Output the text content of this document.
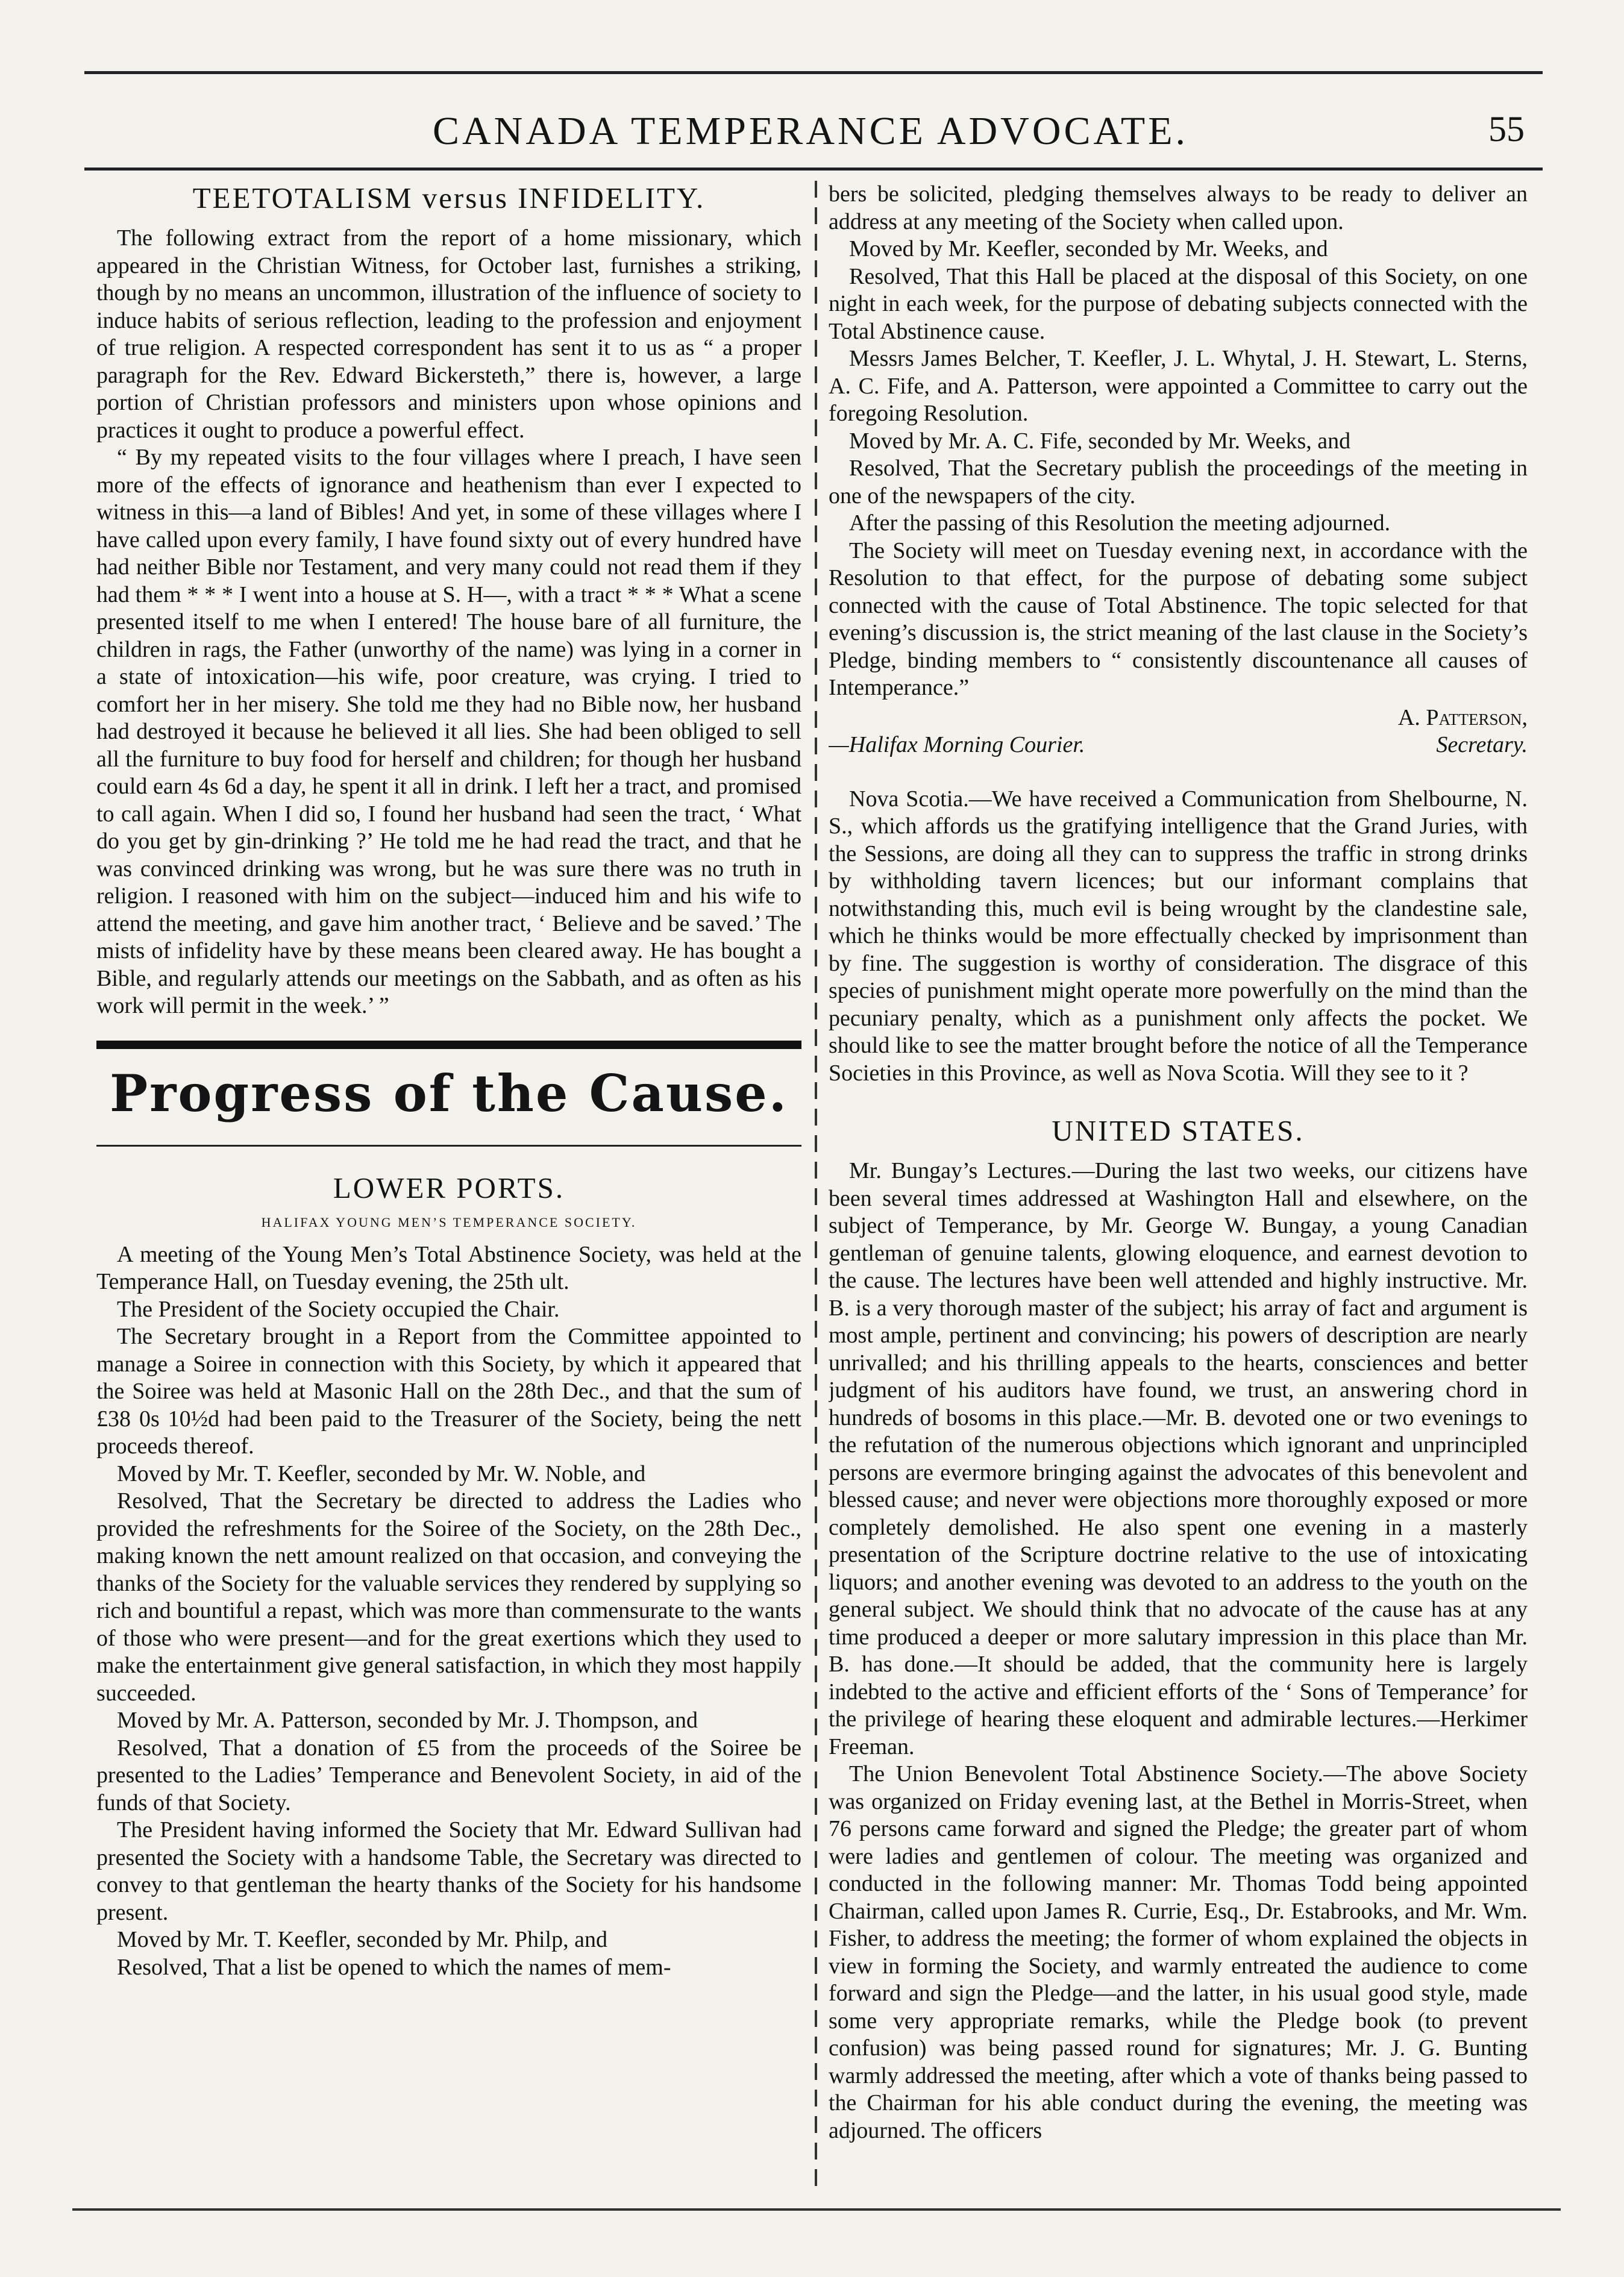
CANADA TEMPERANCE ADVOCATE.	55
TEETOTALISM versus INFIDELITY.

The following extract from the report of a home missionary, which appeared in the Christian Witness, for October last, furnishes a striking, though by no means an uncommon, illustration of the influence of society to induce habits of serious reflection, leading to the profession and enjoyment of true religion. A respected correspondent has sent it to us as “ a proper paragraph for the Rev. Edward Bickersteth,” there is, however, a large portion of Christian professors and ministers upon whose opinions and practices it ought to produce a powerful effect.

“ By my repeated visits to the four villages where I preach, I have seen more of the effects of ignorance and heathenism than ever I expected to witness in this—a land of Bibles! And yet, in some of these villages where I have called upon every family, I have found sixty out of every hundred have had neither Bible nor Testament, and very many could not read them if they had them * * * I went into a house at S. H—, with a tract * * * What a scene presented itself to me when I entered! The house bare of all furniture, the children in rags, the Father (unworthy of the name) was lying in a corner in a state of intoxication—his wife, poor creature, was crying. I tried to comfort her in her misery. She told me they had no Bible now, her husband had destroyed it because he believed it all lies. She had been obliged to sell all the furniture to buy food for herself and children; for though her husband could earn 4s 6d a day, he spent it all in drink. I left her a tract, and promised to call again. When I did so, I found her husband had seen the tract, ‘ What do you get by gin-drinking ?’ He told me he had read the tract, and that he was convinced drinking was wrong, but he was sure there was no truth in religion. I reasoned with him on the subject—induced him and his wife to attend the meeting, and gave him another tract, ‘ Believe and be saved.’ The mists of infidelity have by these means been cleared away. He has bought a Bible, and regularly attends our meetings on the Sabbath, and as often as his work will permit in the week.’ ”

Progress of the Cause.
LOWER PORTS.
HALIFAX YOUNG MEN’S TEMPERANCE SOCIETY.

A meeting of the Young Men’s Total Abstinence Society, was held at the Temperance Hall, on Tuesday evening, the 25th ult.

The President of the Society occupied the Chair.

The Secretary brought in a Report from the Committee appointed to manage a Soiree in connection with this Society, by which it appeared that the Soiree was held at Masonic Hall on the 28th Dec., and that the sum of £38 0s 10½d had been paid to the Treasurer of the Society, being the nett proceeds thereof.

Moved by Mr. T. Keefler, seconded by Mr. W. Noble, and

Resolved, That the Secretary be directed to address the Ladies who provided the refreshments for the Soiree of the Society, on the 28th Dec., making known the nett amount realized on that occasion, and conveying the thanks of the Society for the valuable services they rendered by supplying so rich and bountiful a repast, which was more than commensurate to the wants of those who were present—and for the great exertions which they used to make the entertainment give general satisfaction, in which they most happily succeeded.

Moved by Mr. A. Patterson, seconded by Mr. J. Thompson, and

Resolved, That a donation of £5 from the proceeds of the Soiree be presented to the Ladies’ Temperance and Benevolent Society, in aid of the funds of that Society.

The President having informed the Society that Mr. Edward Sullivan had presented the Society with a handsome Table, the Secretary was directed to convey to that gentleman the hearty thanks of the Society for his handsome present.

Moved by Mr. T. Keefler, seconded by Mr. Philp, and

Resolved, That a list be opened to which the names of mem-

bers be solicited, pledging themselves always to be ready to deliver an address at any meeting of the Society when called upon.

Moved by Mr. Keefler, seconded by Mr. Weeks, and

Resolved, That this Hall be placed at the disposal of this Society, on one night in each week, for the purpose of debating subjects connected with the Total Abstinence cause.

Messrs James Belcher, T. Keefler, J. L. Whytal, J. H. Stewart, L. Sterns, A. C. Fife, and A. Patterson, were appointed a Committee to carry out the foregoing Resolution.

Moved by Mr. A. C. Fife, seconded by Mr. Weeks, and

Resolved, That the Secretary publish the proceedings of the meeting in one of the newspapers of the city.

After the passing of this Resolution the meeting adjourned.

The Society will meet on Tuesday evening next, in accordance with the Resolution to that effect, for the purpose of debating some subject connected with the cause of Total Abstinence. The topic selected for that evening’s discussion is, the strict meaning of the last clause in the Society’s Pledge, binding members to “ consistently discountenance all causes of Intemperance.”

A. Patterson,
—Halifax Morning Courier.	Secretary.

Nova Scotia.—We have received a Communication from Shelbourne, N. S., which affords us the gratifying intelligence that the Grand Juries, with the Sessions, are doing all they can to suppress the traffic in strong drinks by withholding tavern licences; but our informant complains that notwithstanding this, much evil is being wrought by the clandestine sale, which he thinks would be more effectually checked by imprisonment than by fine. The suggestion is worthy of consideration. The disgrace of this species of punishment might operate more powerfully on the mind than the pecuniary penalty, which as a punishment only affects the pocket. We should like to see the matter brought before the notice of all the Temperance Societies in this Province, as well as Nova Scotia. Will they see to it ?

UNITED STATES.

Mr. Bungay’s Lectures.—During the last two weeks, our citizens have been several times addressed at Washington Hall and elsewhere, on the subject of Temperance, by Mr. George W. Bungay, a young Canadian gentleman of genuine talents, glowing eloquence, and earnest devotion to the cause. The lectures have been well attended and highly instructive. Mr. B. is a very thorough master of the subject; his array of fact and argument is most ample, pertinent and convincing; his powers of description are nearly unrivalled; and his thrilling appeals to the hearts, consciences and better judgment of his auditors have found, we trust, an answering chord in hundreds of bosoms in this place.—Mr. B. devoted one or two evenings to the refutation of the numerous objections which ignorant and unprincipled persons are evermore bringing against the advocates of this benevolent and blessed cause; and never were objections more thoroughly exposed or more completely demolished. He also spent one evening in a masterly presentation of the Scripture doctrine relative to the use of intoxicating liquors; and another evening was devoted to an address to the youth on the general subject. We should think that no advocate of the cause has at any time produced a deeper or more salutary impression in this place than Mr. B. has done.—It should be added, that the community here is largely indebted to the active and efficient efforts of the ‘ Sons of Temperance’ for the privilege of hearing these eloquent and admirable lectures.—Herkimer Freeman.

The Union Benevolent Total Abstinence Society.—The above Society was organized on Friday evening last, at the Bethel in Morris-Street, when 76 persons came forward and signed the Pledge; the greater part of whom were ladies and gentlemen of colour. The meeting was organized and conducted in the following manner: Mr. Thomas Todd being appointed Chairman, called upon James R. Currie, Esq., Dr. Estabrooks, and Mr. Wm. Fisher, to address the meeting; the former of whom explained the objects in view in forming the Society, and warmly entreated the audience to come forward and sign the Pledge—and the latter, in his usual good style, made some very appropriate remarks, while the Pledge book (to prevent confusion) was being passed round for signatures; Mr. J. G. Bunting warmly addressed the meeting, after which a vote of thanks being passed to the Chairman for his able conduct during the evening, the meeting was adjourned. The officers
